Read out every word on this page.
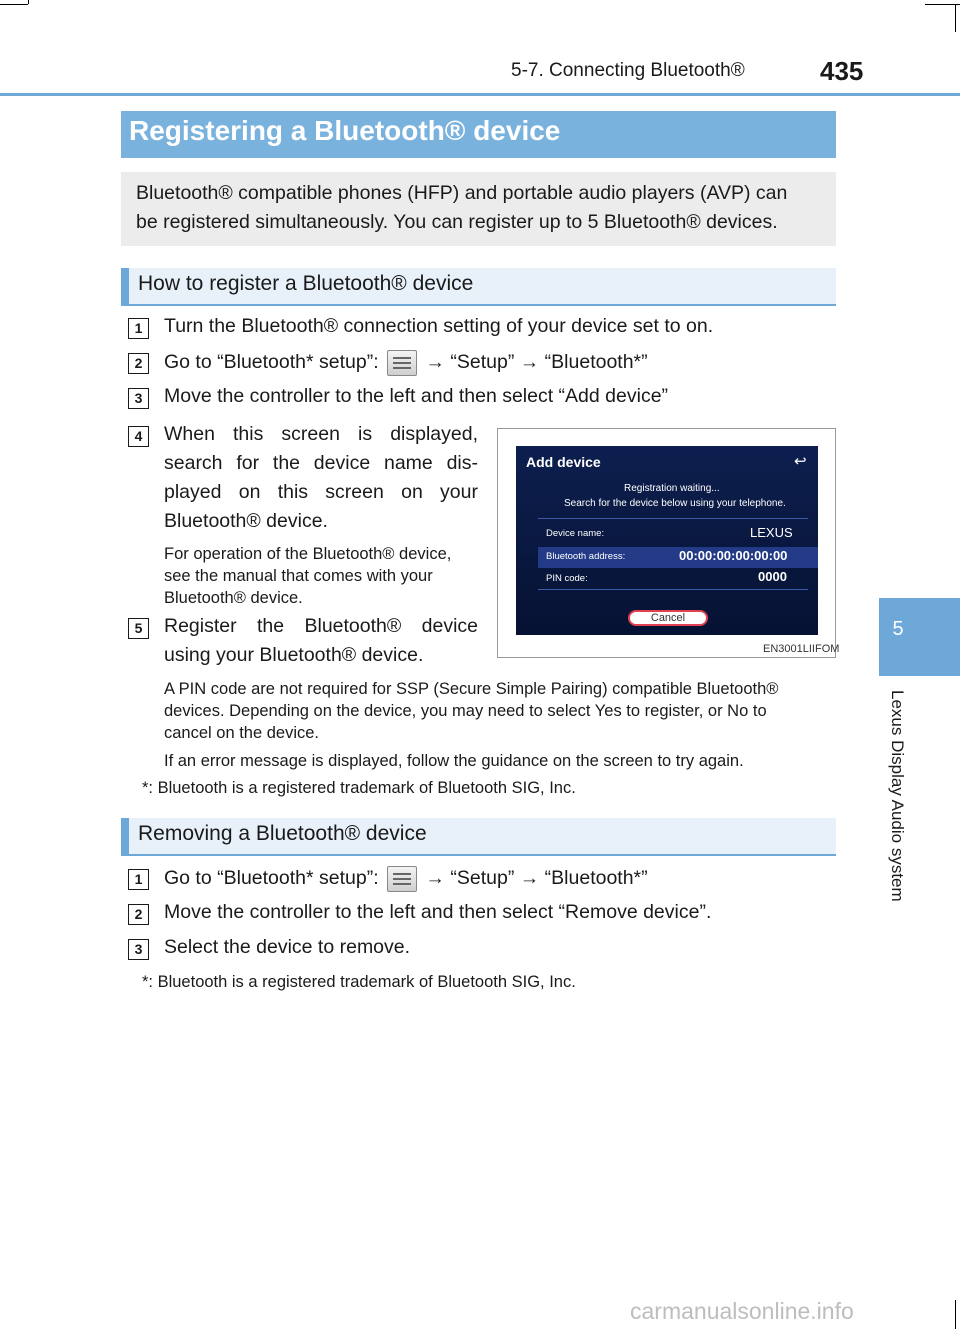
5-7. Connecting Bluetooth®	435
5
Lexus Display Audio system
Registering a Bluetooth® device

Bluetooth® compatible phones (HFP) and portable audio players (AVP) can

be registered simultaneously. You can register up to 5 Bluetooth® devices.

How to register a Bluetooth® device
1	Turn the Bluetooth® connection setting of your device set to on.
2	Go to “Bluetooth* setup”: → “Setup” → “Bluetooth*”
3	Move the controller to the left and then select “Add device”
4	When this screen is displayed,
search for the device name dis-
played on this screen on your
Bluetooth® device.
For operation of the Bluetooth® device,
see the manual that comes with your
Bluetooth® device.
5	Register the Bluetooth® device
using your Bluetooth® device.
Add device	↩
Registration waiting...
Search for the device below using your telephone.
Device name:	LEXUS
Bluetooth address:	00:00:00:00:00:00
PIN code:	0000
Cancel
EN3001LIIFOM
A PIN code are not required for SSP (Secure Simple Pairing) compatible Bluetooth®
devices. Depending on the device, you may need to select Yes to register, or No to
cancel on the device.
If an error message is displayed, follow the guidance on the screen to try again.
*: Bluetooth is a registered trademark of Bluetooth SIG, Inc.
Removing a Bluetooth® device
1	Go to “Bluetooth* setup”: → “Setup” → “Bluetooth*”
2	Move the controller to the left and then select “Remove device”.
3	Select the device to remove.
*: Bluetooth is a registered trademark of Bluetooth SIG, Inc.
carmanualsonline.info
